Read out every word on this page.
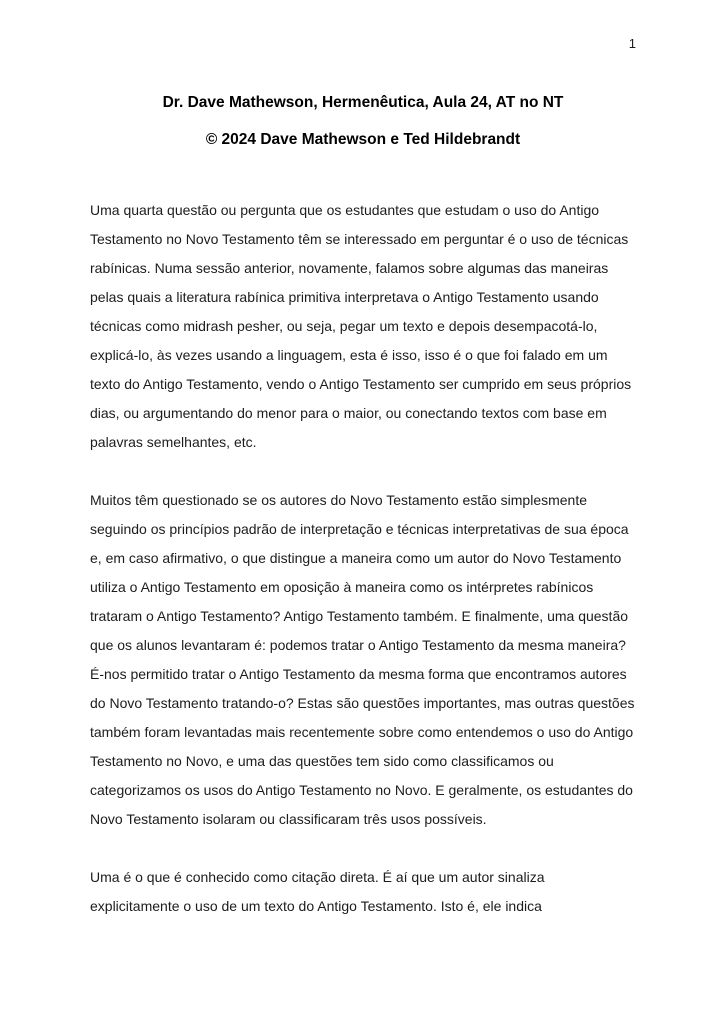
1

Dr. Dave Mathewson, Hermenêutica, Aula 24, AT no NT

© 2024 Dave Mathewson e Ted Hildebrandt

Uma quarta questão ou pergunta que os estudantes que estudam o uso do Antigo Testamento no Novo Testamento têm se interessado em perguntar é o uso de técnicas rabínicas. Numa sessão anterior, novamente, falamos sobre algumas das maneiras pelas quais a literatura rabínica primitiva interpretava o Antigo Testamento usando técnicas como midrash pesher, ou seja, pegar um texto e depois desempacotá-lo, explicá-lo, às vezes usando a linguagem, esta é isso, isso é o que foi falado em um texto do Antigo Testamento, vendo o Antigo Testamento ser cumprido em seus próprios dias, ou argumentando do menor para o maior, ou conectando textos com base em palavras semelhantes, etc.

Muitos têm questionado se os autores do Novo Testamento estão simplesmente seguindo os princípios padrão de interpretação e técnicas interpretativas de sua época e, em caso afirmativo, o que distingue a maneira como um autor do Novo Testamento utiliza o Antigo Testamento em oposição à maneira como os intérpretes rabínicos trataram o Antigo Testamento? Antigo Testamento também. E finalmente, uma questão que os alunos levantaram é: podemos tratar o Antigo Testamento da mesma maneira? É-nos permitido tratar o Antigo Testamento da mesma forma que encontramos autores do Novo Testamento tratando-o? Estas são questões importantes, mas outras questões também foram levantadas mais recentemente sobre como entendemos o uso do Antigo Testamento no Novo, e uma das questões tem sido como classificamos ou categorizamos os usos do Antigo Testamento no Novo. E geralmente, os estudantes do Novo Testamento isolaram ou classificaram três usos possíveis.

Uma é o que é conhecido como citação direta. É aí que um autor sinaliza explicitamente o uso de um texto do Antigo Testamento. Isto é, ele indica
